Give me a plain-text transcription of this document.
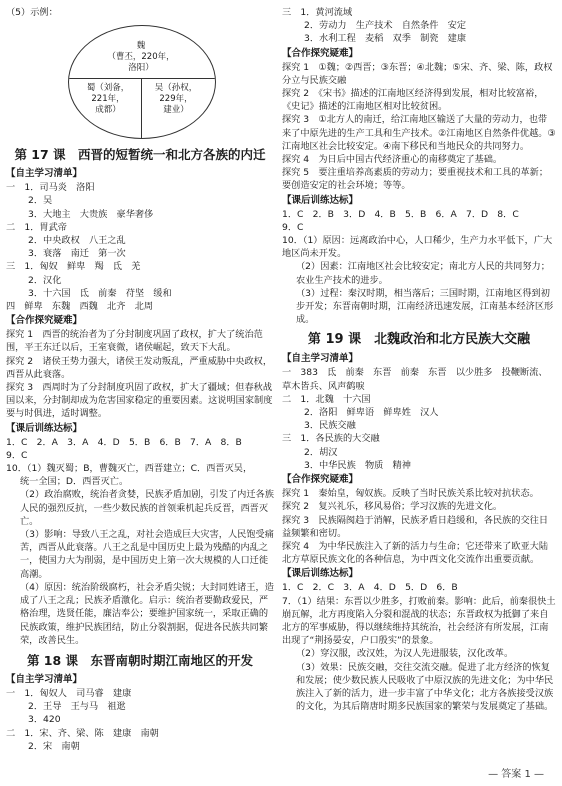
（5）示例：
魏
（曹丕，220年，
洛阳）
蜀（刘备，
221年，
成都）
吴（孙权，
229年，
建业）
第 17 课　西晋的短暂统一和北方各族的内迁
【自主学习清单】
一　1．司马炎　洛阳
2．吴
3．大地主　大贵族　豪华奢侈
二　1．胃武帝
2．中央政权　八王之乱
3．衰落　南迁　第一次
三　1．匈奴　鲜卑　羯　氐　羌
2．汉化
3．十六国　氐　前秦　苻坚　缓和
四　鲜卑　东魏　西魏　北齐　北周
【合作探究疑难】
探究 1　西晋的统治者为了分封制度巩固了政权，扩大了统治范围，平王东迁以后，王室衰微，诸侯崛起，致天下大乱。
探究 2　诸侯王势力强大，诸侯王发动叛乱，严重威胁中央政权，西晋从此衰落。
探究 3　西周时为了分封制度巩固了政权，扩大了疆域；但春秋战国以来，分封制却成为危害国家稳定的重要因素。这说明国家制度要与时俱进，适时调整。
【课后训练达标】
1．C　2．A　3．A　4．D　5．B　6．B　7．A　8．B
9．C
10．（1）魏灭蜀；B，曹魏灭亡，西晋建立；C．西晋灭吴，
统一全国；D．西晋灭亡。
（2）政治腐败，统治者贪婪，民族矛盾加剧，引发了内迁各族人民的强烈反抗，一些少数民族的首领乘机起兵反晋，西晋灭亡。
（3）影响：导致八王之乱，对社会造成巨大灾害，人民饱受痛苦，西晋从此衰落。八王之乱是中国历史上最为残酷的内乱之一，使国力大为削弱，是中国历史上第一次大规模的人口迁徙高潮。
（4）原因：统治阶级腐朽，社会矛盾尖锐；大封同姓诸王，造成了八王之乱；民族矛盾激化。启示：统治者要勤政爱民，严格治理，选贤任能，廉洁奉公；要维护国家统一，采取正确的民族政策，维护民族团结，防止分裂割据，促进各民族共同繁荣，改善民生。
第 18 课　东晋南朝时期江南地区的开发
【自主学习清单】
一　1．匈奴人　司马睿　建康
2．王导　王与马　祖逖
3．420
二　1．宋、齐、梁、陈　建康　南朝
2．宋　南朝
三　1．黄河流域
2．劳动力　生产技术　自然条件　安定
3．水利工程　麦稻　双季　制瓷　建康
【合作探究疑难】
探究 1　①魏；②西晋；③东晋；④北魏；⑤宋、齐、梁、陈，政权分立与民族交融
探究 2　《宋书》描述的江南地区经济得到发展，相对比较富裕，《史记》描述的江南地区相对比较贫困。
探究 3　①北方人的南迁，给江南地区输送了大量的劳动力，也带来了中原先进的生产工具和生产技术。②江南地区自然条件优越。③江南地区社会比较安定。④南下移民和当地民众的共同努力。
探究 4　为日后中国古代经济重心的南移奠定了基础。
探究 5　要注重培养高素质的劳动力；要重视技术和工具的革新；要创造安定的社会环境；等等。
【课后训练达标】
1．C　2．B　3．D　4．B　5．B　6．A　7．D　8．C
9．C
10．（1）原因：远离政治中心，人口稀少，生产力水平低下，广大地区尚未开发。
（2）因素：江南地区社会比较安定；南北方人民的共同努力；农业生产技术的进步。
（3）过程：秦汉时期，相当落后；三国时期，江南地区得到初步开发；东晋南朝时期，江南经济迅速发展，江南基本经济区形成。
第 19 课　北魏政治和北方民族大交融
【自主学习清单】
一　383　氐　前秦　东晋　前秦　东晋　以少胜多　投鞭断流、草木皆兵、风声鹤唳
二　1．北魏　十六国
2．洛阳　鲜卑语　鲜卑姓　汉人
3．民族交融
三　1．各民族的大交融
2．胡汉
3．中华民族　物质　精神
【合作探究疑难】
探究 1　秦始皇，匈奴族。反映了当时民族关系比较对抗状态。
探究 2　复兴礼乐，移风易俗；学习汉族的先进文化。
探究 3　民族隔阂趋于消解，民族矛盾日趋缓和，各民族的交往日益频繁和密切。
探究 4　为中华民族注入了新的活力与生命；它还带来了欧亚大陆北方草原民族文化的各种信息，为中西文化交流作出重要贡献。
【课后训练达标】
1．C　2．C　3．A　4．D　5．D　6．B
7．（1）结果：东晋以少胜多，打败前秦。影响：此后，前秦很快土崩瓦解，北方再度陷入分裂和混战的状态；东晋政权为抵御了来自北方的军事威胁，得以继续维持其统治，社会经济有所发展，江南出现了“荆扬晏安，户口殷实”的景象。
（2）穿汉服，改汉姓，为汉人先进服装，汉化改革。
（3）效果：民族交融，交往交流交融。促进了北方经济的恢复和发展；使少数民族人民吸收了中原汉族的先进文化；为中华民族注入了新的活力，进一步丰富了中华文化；北方各族接受汉族的文化，为其后隋唐时期多民族国家的繁荣与发展奠定了基础。
— 答案 1 —
